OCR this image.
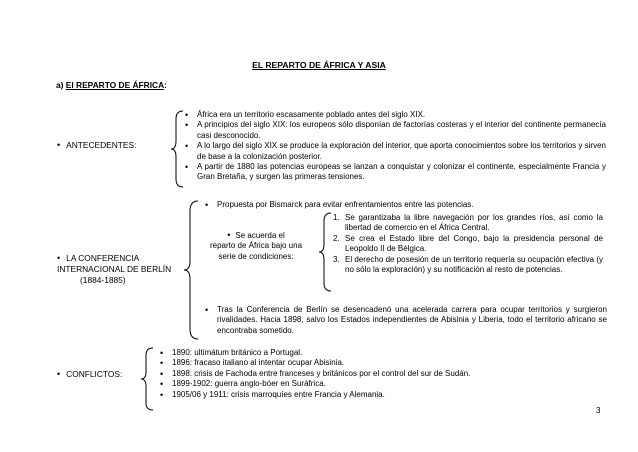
EL REPARTO DE ÁFRICA Y ASIA
a) El REPARTO DE ÁFRICA:
• ANTECEDENTES:
• África era un territorio escasamente poblado antes del siglo XIX.
• A principios del siglo XIX: los europeos sólo disponían de factorías costeras y el interior del continente permanecía casi desconocido.
• A lo largo del siglo XIX se produce la exploración del interior, que aporta conocimientos sobre los territorios y sirven de base a la colonización posterior.
• A partir de 1880 las potencias europeas se lanzan a conquistar y colonizar el continente, especialmente Francia y Gran Bretaña, y surgen las primeras tensiones.
• LA CONFERENCIA
INTERNACIONAL DE BERLÍN
(1884-1885)
• Propuesta por Bismarck para evitar enfrentamientos entre las potencias.
• Se acuerda el
reparto de África bajo una
serie de condiciones:
1. Se garantizaba la libre navegación por los grandes ríos, así como la libertad de comercio en el África Central.
2. Se crea el Estado libre del Congo, bajo la presidencia personal de Leopoldo II de Bélgica.
3. El derecho de posesión de un territorio requería su ocupación efectiva (y no sólo la exploración) y su notificación al resto de potencias.
• Tras la Conferencia de Berlín se desencadenó una acelerada carrera para ocupar territorios y surgieron rivalidades. Hacia 1898, salvo los Estados independientes de Abisinia y Liberia, todo el territorio africano se encontraba sometido.
• CONFLICTOS:
• 1890: ultimátum británico a Portugal.
• 1896: fracaso italiano al intentar ocupar Abisinia.
• 1898: crisis de Fachoda entre franceses y británicos por el control del sur de Sudán.
• 1899-1902: guerra anglo-bóer en Suráfrica.
• 1905/06 y 1911: crisis marroquíes entre Francia y Alemania.
3
